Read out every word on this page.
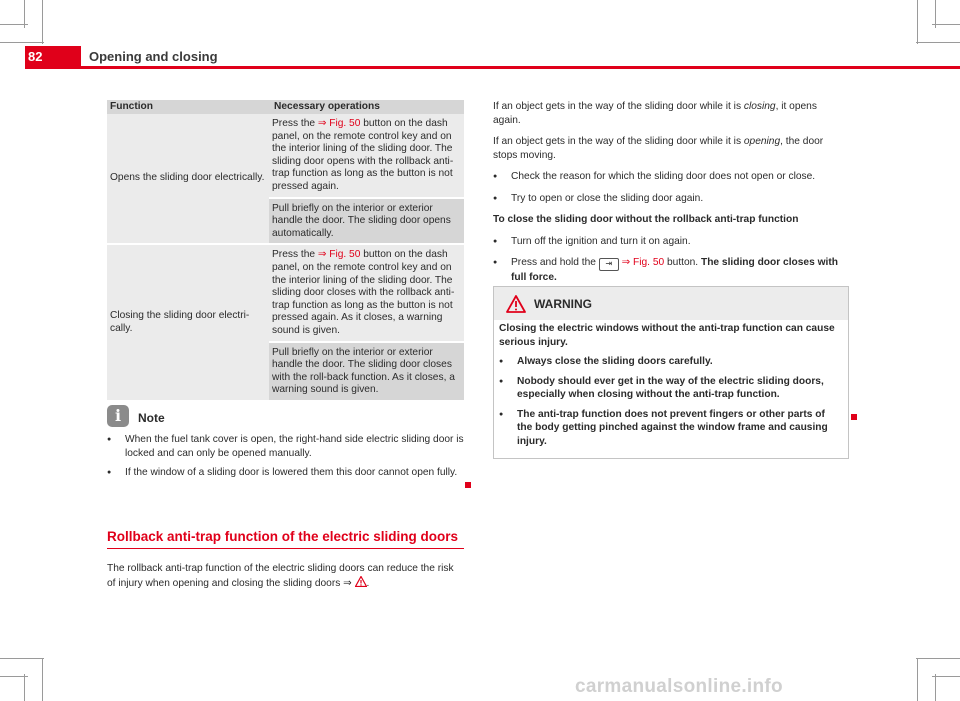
82	Opening and closing
Function	Necessary operations
Opens the sliding door electrically.
Press the ⇒ Fig. 50 button on the dash panel, on the remote control key and on the interior lining of the sliding door. The sliding door opens with the rollback anti-trap function as long as the button is not pressed again.
Pull briefly on the interior or exterior handle the door. The sliding door opens automatically.
Closing the sliding door electrically.
Press the ⇒ Fig. 50 button on the dash panel, on the remote control key and on the interior lining of the sliding door. The sliding door closes with the rollback anti-trap function as long as the button is not pressed again. As it closes, a warning sound is given.
Pull briefly on the interior or exterior handle the door. The sliding door closes with the roll-back function. As it closes, a warning sound is given.
i	Note
● When the fuel tank cover is open, the right-hand side electric sliding door is locked and can only be opened manually.
● If the window of a sliding door is lowered them this door cannot open fully.
Rollback anti-trap function of the electric sliding doors
The rollback anti-trap function of the electric sliding doors can reduce the risk of injury when opening and closing the sliding doors ⇒ .

If an object gets in the way of the sliding door while it is closing, it opens again.

If an object gets in the way of the sliding door while it is opening, the door stops moving.

● Check the reason for which the sliding door does not open or close.
● Try to open or close the sliding door again.

To close the sliding door without the rollback anti-trap function

● Turn off the ignition and turn it on again.
● Press and hold the ⇥ ⇒ Fig. 50 button. The sliding door closes with full force.
WARNING

Closing the electric windows without the anti-trap function can cause serious injury.

● Always close the sliding doors carefully.
● Nobody should ever get in the way of the electric sliding doors, especially when closing without the anti-trap function.
● The anti-trap function does not prevent fingers or other parts of the body getting pinched against the window frame and causing injury.
carmanualsonline.info
